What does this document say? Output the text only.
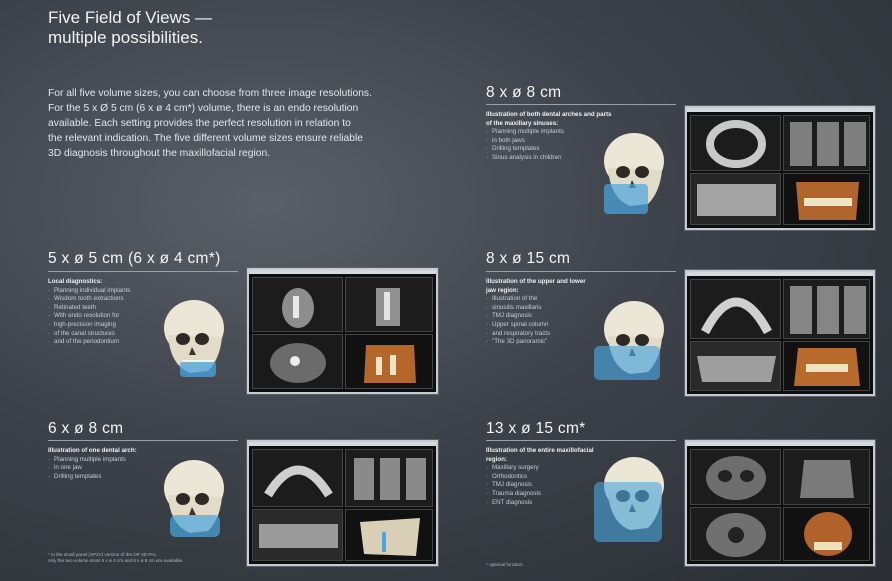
Five Field of Views —
multiple possibilities.
For all five volume sizes, you can choose from three image resolutions.
For the 5 x Ø 5 cm (6 x ø 4 cm*) volume, there is an endo resolution
available. Each setting provides the perfect resolution in relation to
the relevant indication. The five different volume sizes ensure reliable
3D diagnosis throughout the maxillofacial region.
5 x ø 5 cm (6 x ø 4 cm*)
Local diagnostics:
· Planning individual implants
· Wisdom tooth extractions
· Retinated teeth
· With endo resolution for
· high-precision imaging
· of the canal structures
· and of the periodontium
6 x ø 8 cm
Illustration of one dental arch:
· Planning multiple implants
· in one jaw
· Drilling templates
* In the small panel (SP2V) version of the OP 3D Pro,
only the two volume sizes 6 x ø 4 cm and 8 x ø 8 cm are available.
8 x ø 8 cm
Illustration of both dental arches and parts of the maxillary sinuses:
· Planning multiple implants
· in both jaws
· Drilling templates
· Sinus analysis in children
8 x ø 15 cm
Illustration of the upper and lower jaw region:
· Illustration of the
· sinusitis maxillaris
· TMJ diagnosis
· Upper spinal column
· and respiratory tracts
· "The 3D panoramic"
13 x ø 15 cm*
Illustration of the entire maxillofacial region:
· Maxillary surgery
· Orthodontics
· TMJ diagnosis
· Trauma diagnosis
· ENT diagnosis
* optional function
